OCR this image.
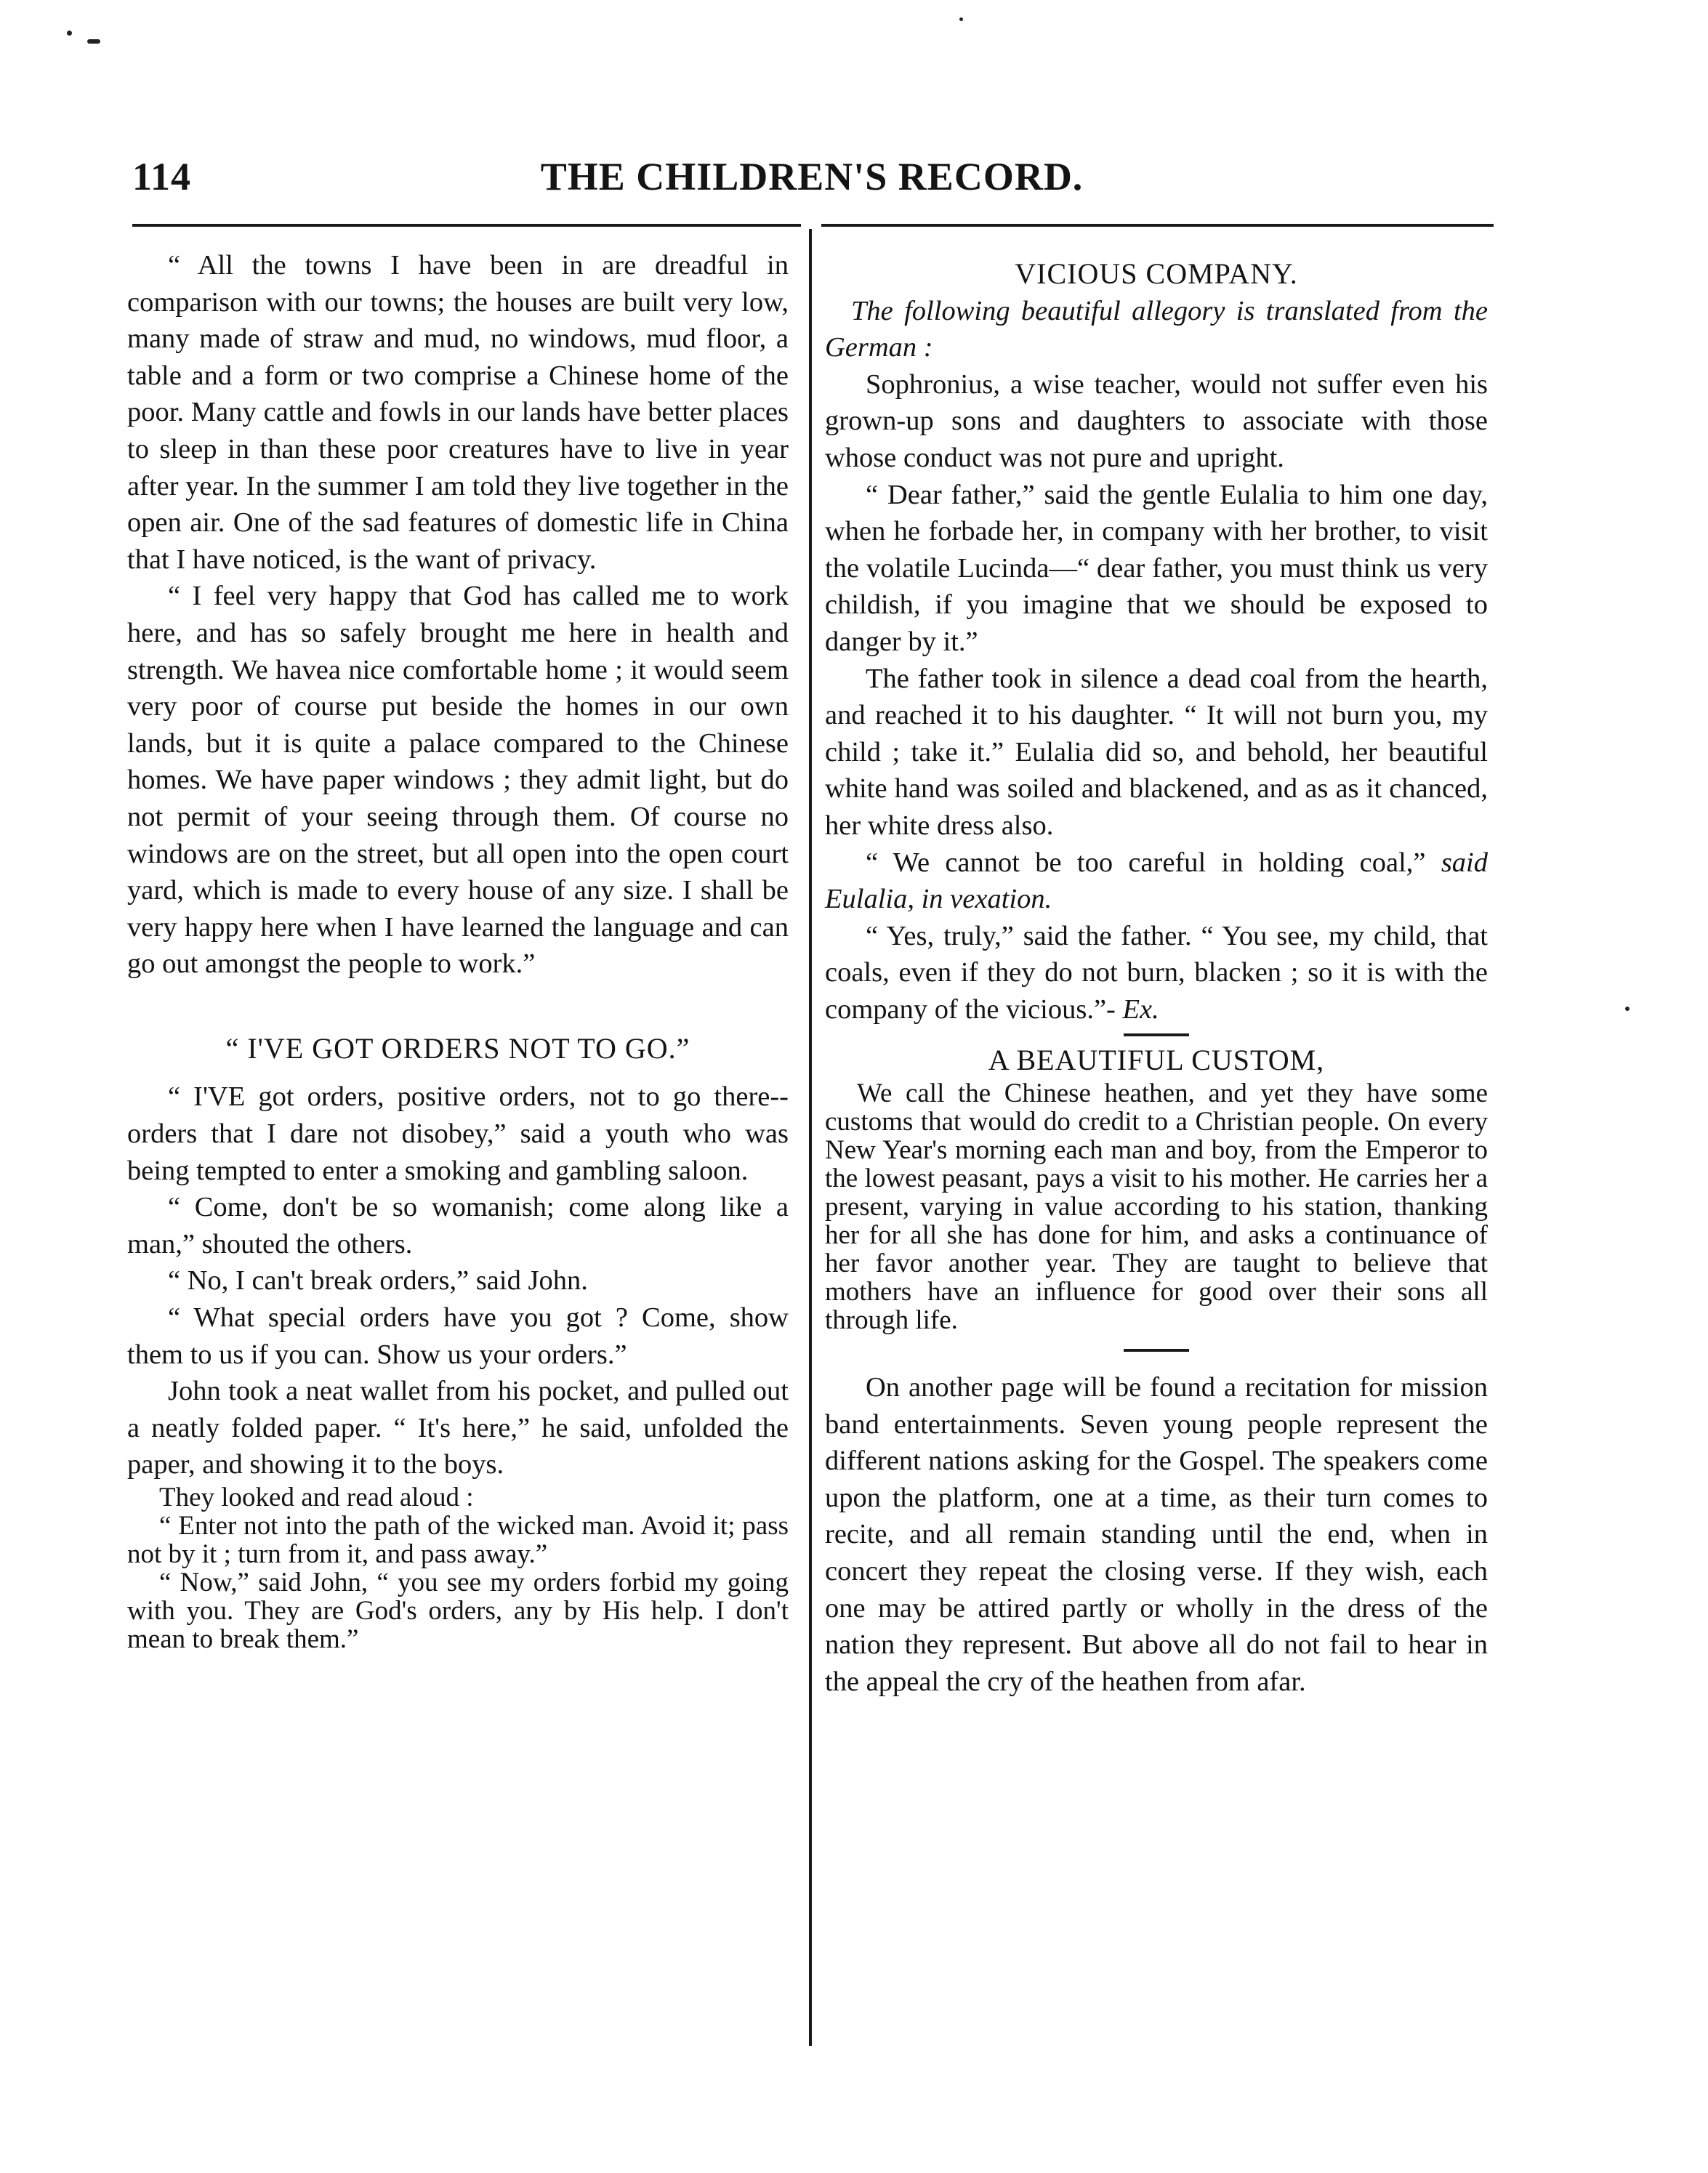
114	THE CHILDREN'S RECORD.

“ All the towns I have been in are dreadful in comparison with our towns; the houses are built very low, many made of straw and mud, no windows, mud floor, a table and a form or two comprise a Chinese home of the poor. Many cattle and fowls in our lands have better places to sleep in than these poor creatures have to live in year after year. In the summer I am told they live together in the open air. One of the sad features of domestic life in China that I have noticed, is the want of privacy.

“ I feel very happy that God has called me to work here, and has so safely brought me here in health and strength. We havea nice comfortable home ; it would seem very poor of course put beside the homes in our own lands, but it is quite a palace compared to the Chinese homes. We have paper windows ; they admit light, but do not permit of your seeing through them. Of course no windows are on the street, but all open into the open court yard, which is made to every house of any size. I shall be very happy here when I have learned the language and can go out amongst the people to work.”

“ I'VE GOT ORDERS NOT TO GO.”

“ I'VE got orders, positive orders, not to go there--orders that I dare not disobey,” said a youth who was being tempted to enter a smoking and gambling saloon.

“ Come, don't be so womanish; come along like a man,” shouted the others.

“ No, I can't break orders,” said John.

“ What special orders have you got ? Come, show them to us if you can. Show us your orders.”

John took a neat wallet from his pocket, and pulled out a neatly folded paper. “ It's here,” he said, unfolded the paper, and showing it to the boys.

They looked and read aloud :

“ Enter not into the path of the wicked man. Avoid it; pass not by it ; turn from it, and pass away.”

“ Now,” said John, “ you see my orders forbid my going with you. They are God's orders, any by His help. I don't mean to break them.”

VICIOUS COMPANY.

The following beautiful allegory is translated from the German :

Sophronius, a wise teacher, would not suffer even his grown-up sons and daughters to associate with those whose conduct was not pure and upright.

“ Dear father,” said the gentle Eulalia to him one day, when he forbade her, in company with her brother, to visit the volatile Lucinda—“ dear father, you must think us very childish, if you imagine that we should be exposed to danger by it.”

The father took in silence a dead coal from the hearth, and reached it to his daughter. “ It will not burn you, my child ; take it.” Eulalia did so, and behold, her beautiful white hand was soiled and blackened, and as as it chanced, her white dress also.

“ We cannot be too careful in holding coal,” said Eulalia, in vexation.

“ Yes, truly,” said the father. “ You see, my child, that coals, even if they do not burn, blacken ; so it is with the company of the vicious.”- Ex.

A BEAUTIFUL CUSTOM,

We call the Chinese heathen, and yet they have some customs that would do credit to a Christian people. On every New Year's morning each man and boy, from the Emperor to the lowest peasant, pays a visit to his mother. He carries her a present, varying in value according to his station, thanking her for all she has done for him, and asks a continuance of her favor another year. They are taught to believe that mothers have an influence for good over their sons all through life.

On another page will be found a recitation for mission band entertainments. Seven young people represent the different nations asking for the Gospel. The speakers come upon the platform, one at a time, as their turn comes to recite, and all remain standing until the end, when in concert they repeat the closing verse. If they wish, each one may be attired partly or wholly in the dress of the nation they represent. But above all do not fail to hear in the appeal the cry of the heathen from afar.
